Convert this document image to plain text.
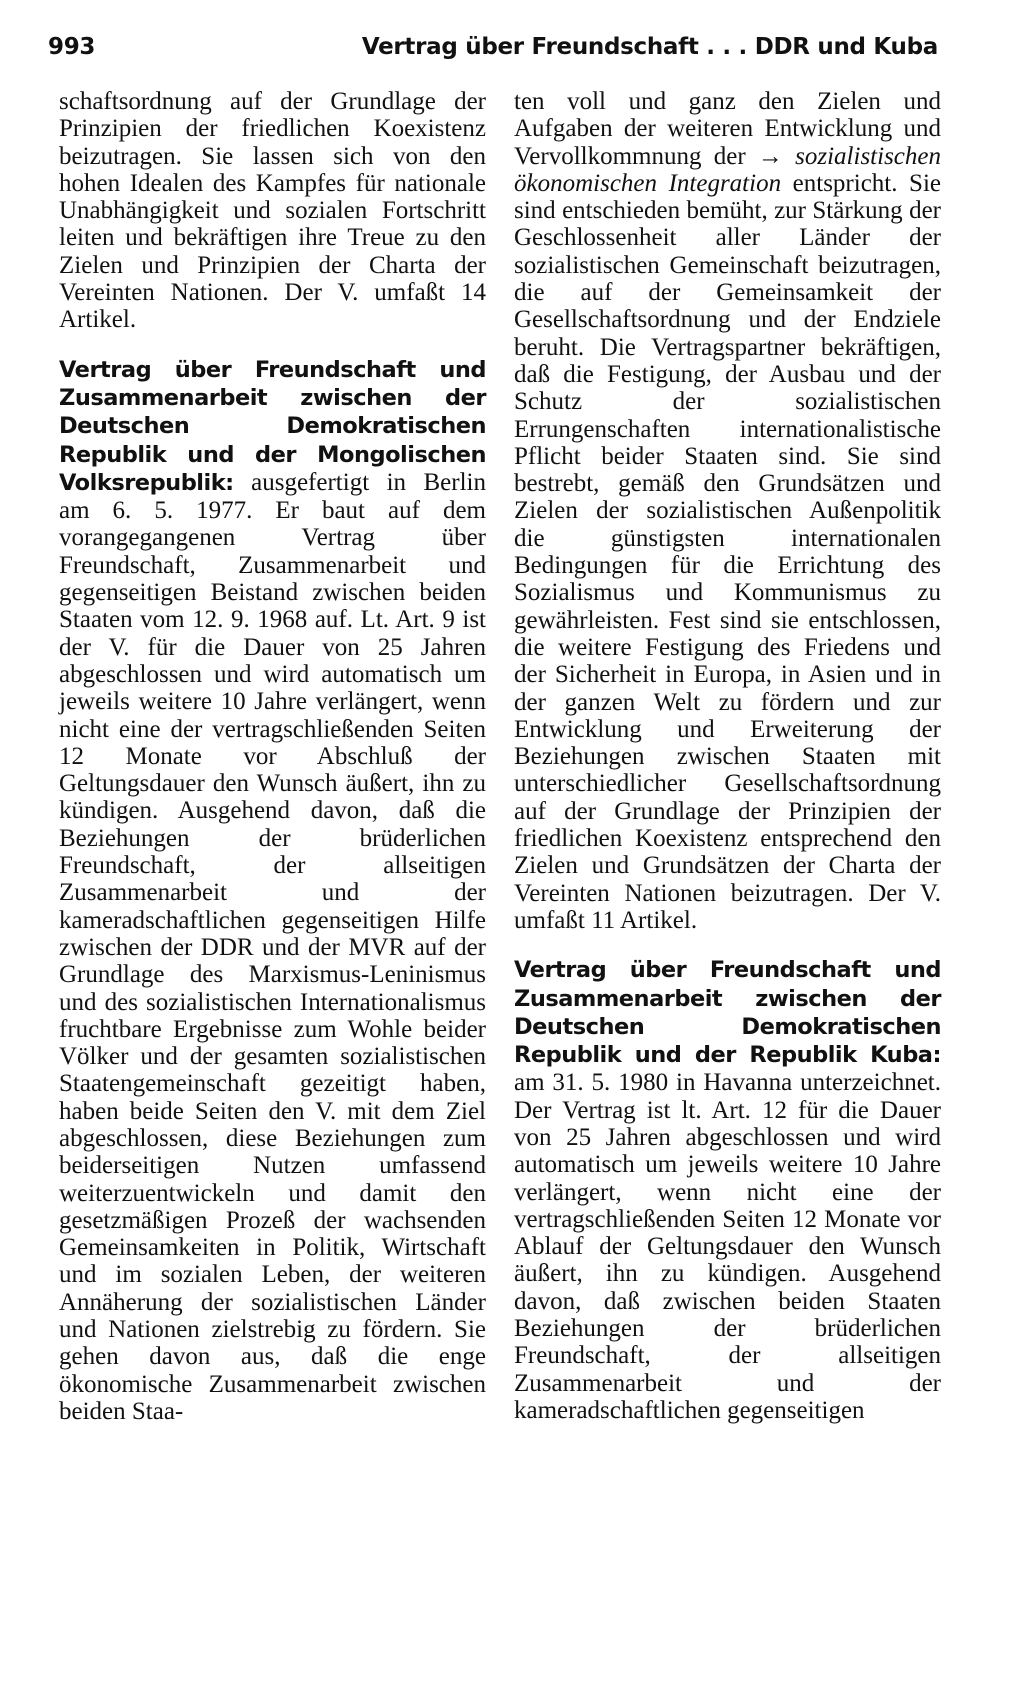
993	Vertrag über Freundschaft . . . DDR und Kuba

schaftsordnung auf der Grundlage der Prinzipien der friedlichen Koexistenz beizutragen. Sie lassen sich von den hohen Idealen des Kampfes für nationale Unabhängigkeit und sozialen Fortschritt leiten und bekräftigen ihre Treue zu den Zielen und Prinzipien der Charta der Vereinten Nationen. Der V. umfaßt 14 Artikel.

Vertrag über Freundschaft und Zusammenarbeit zwischen der Deutschen Demokratischen Republik und der Mongolischen Volksrepublik: ausgefertigt in Berlin am 6. 5. 1977. Er baut auf dem vorangegangenen Vertrag über Freundschaft, Zusammenarbeit und gegenseitigen Beistand zwischen beiden Staaten vom 12. 9. 1968 auf. Lt. Art. 9 ist der V. für die Dauer von 25 Jahren abgeschlossen und wird automatisch um jeweils weitere 10 Jahre verlängert, wenn nicht eine der vertragschließenden Seiten 12 Monate vor Abschluß der Geltungsdauer den Wunsch äußert, ihn zu kündigen. Ausgehend davon, daß die Beziehungen der brüderlichen Freundschaft, der allseitigen Zusammenarbeit und der kameradschaftlichen gegenseitigen Hilfe zwischen der DDR und der MVR auf der Grundlage des Marxismus-Leninismus und des sozialistischen Internationalismus fruchtbare Ergebnisse zum Wohle beider Völker und der gesamten sozialistischen Staatengemeinschaft gezeitigt haben, haben beide Seiten den V. mit dem Ziel abgeschlossen, diese Beziehungen zum beiderseitigen Nutzen umfassend weiterzuentwickeln und damit den gesetzmäßigen Prozeß der wachsenden Gemeinsamkeiten in Politik, Wirtschaft und im sozialen Leben, der weiteren Annäherung der sozialistischen Länder und Nationen zielstrebig zu fördern. Sie gehen davon aus, daß die enge ökonomische Zusammenarbeit zwischen beiden Staa-

ten voll und ganz den Zielen und Aufgaben der weiteren Entwicklung und Vervollkommnung der → sozialistischen ökonomischen Integration entspricht. Sie sind entschieden bemüht, zur Stärkung der Geschlossenheit aller Länder der sozialistischen Gemeinschaft beizutragen, die auf der Gemeinsamkeit der Gesellschaftsordnung und der Endziele beruht. Die Vertragspartner bekräftigen, daß die Festigung, der Ausbau und der Schutz der sozialistischen Errungenschaften internationalistische Pflicht beider Staaten sind. Sie sind bestrebt, gemäß den Grundsätzen und Zielen der sozialistischen Außenpolitik die günstigsten internationalen Bedingungen für die Errichtung des Sozialismus und Kommunismus zu gewährleisten. Fest sind sie entschlossen, die weitere Festigung des Friedens und der Sicherheit in Europa, in Asien und in der ganzen Welt zu fördern und zur Entwicklung und Erweiterung der Beziehungen zwischen Staaten mit unterschiedlicher Gesellschaftsordnung auf der Grundlage der Prinzipien der friedlichen Koexistenz entsprechend den Zielen und Grundsätzen der Charta der Vereinten Nationen beizutragen. Der V. umfaßt 11 Artikel.

Vertrag über Freundschaft und Zusammenarbeit zwischen der Deutschen Demokratischen Republik und der Republik Kuba: am 31. 5. 1980 in Havanna unterzeichnet. Der Vertrag ist lt. Art. 12 für die Dauer von 25 Jahren abgeschlossen und wird automatisch um jeweils weitere 10 Jahre verlängert, wenn nicht eine der vertragschließenden Seiten 12 Monate vor Ablauf der Geltungsdauer den Wunsch äußert, ihn zu kündigen. Ausgehend davon, daß zwischen beiden Staaten Beziehungen der brüderlichen Freundschaft, der allseitigen Zusammenarbeit und der kameradschaftlichen gegenseitigen
